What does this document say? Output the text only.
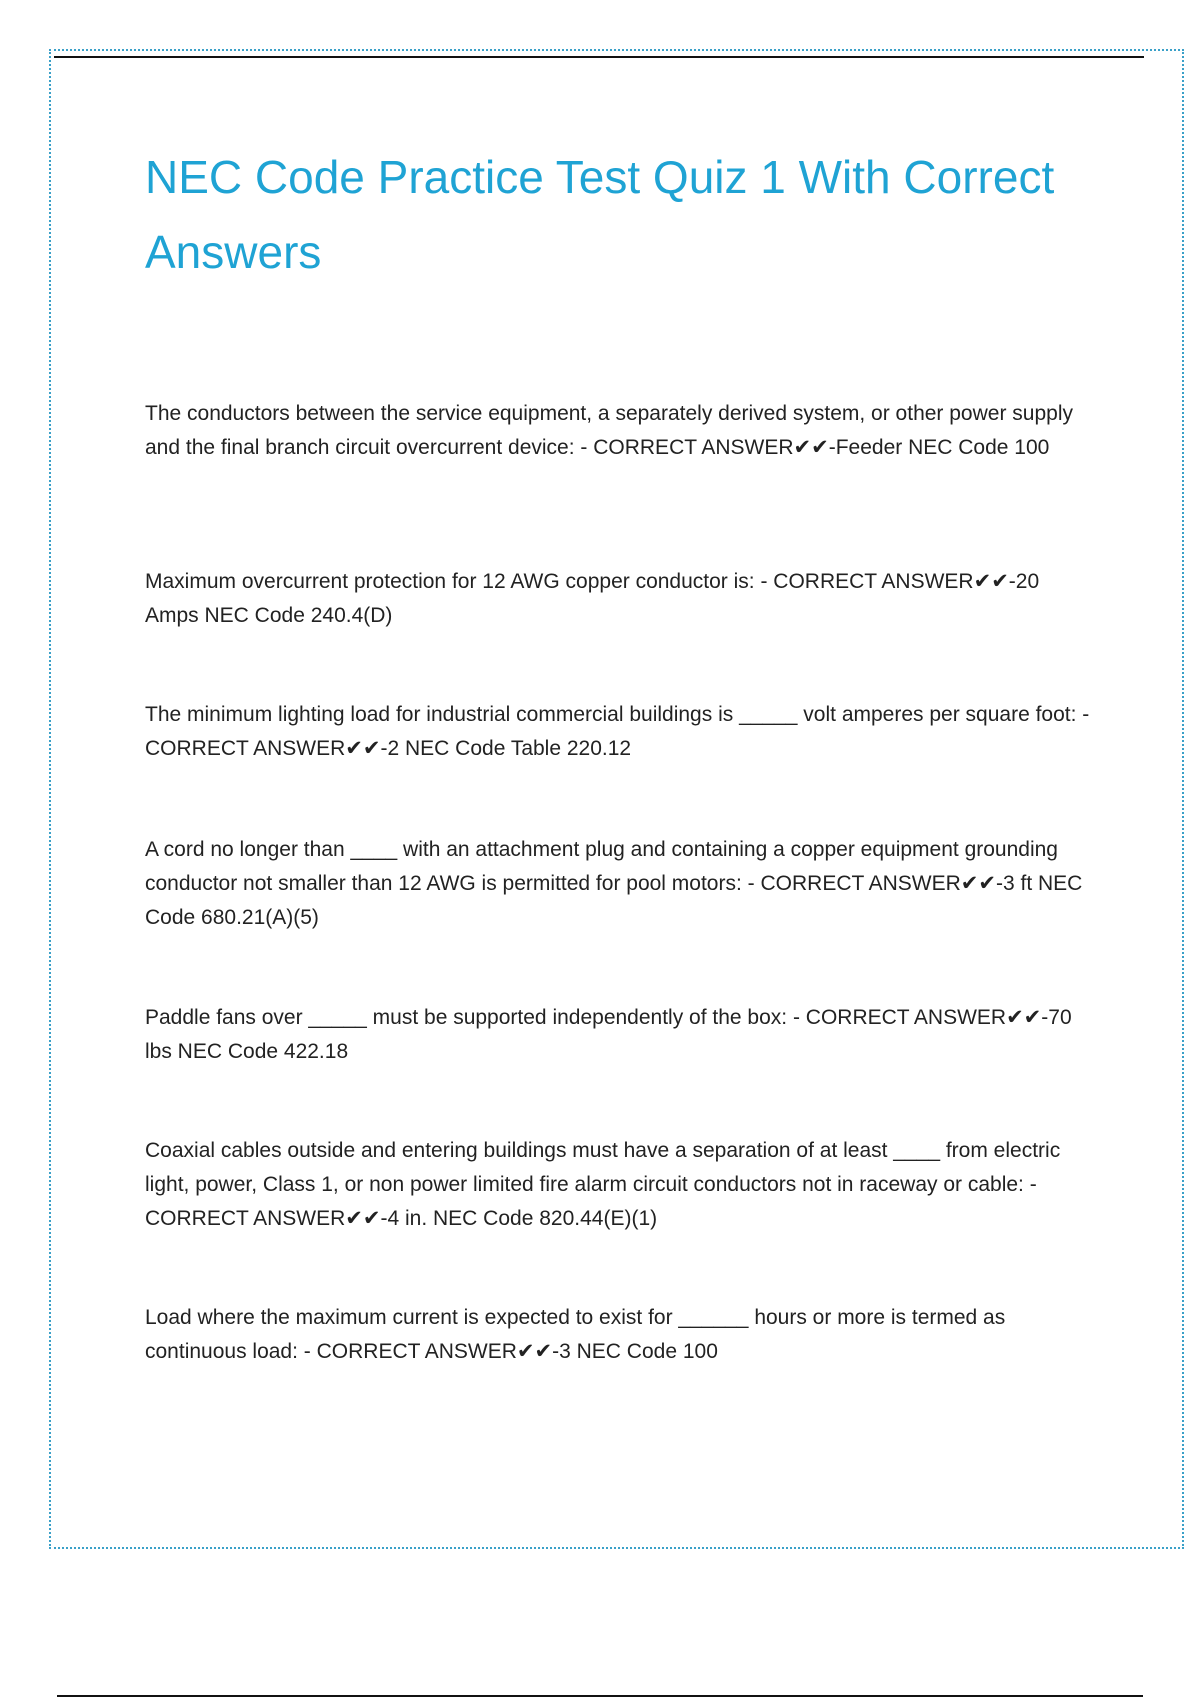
NEC Code Practice Test Quiz 1 With Correct Answers

The conductors between the service equipment, a separately derived system, or other power supply and the final branch circuit overcurrent device: - CORRECT ANSWER✔✔-Feeder NEC Code 100

Maximum overcurrent protection for 12 AWG copper conductor is: - CORRECT ANSWER✔✔-20 Amps NEC Code 240.4(D)

The minimum lighting load for industrial commercial buildings is _____ volt amperes per square foot: - CORRECT ANSWER✔✔-2 NEC Code Table 220.12

A cord no longer than ____ with an attachment plug and containing a copper equipment grounding conductor not smaller than 12 AWG is permitted for pool motors: - CORRECT ANSWER✔✔-3 ft NEC Code 680.21(A)(5)

Paddle fans over _____ must be supported independently of the box: - CORRECT ANSWER✔✔-70 lbs NEC Code 422.18

Coaxial cables outside and entering buildings must have a separation of at least ____ from electric light, power, Class 1, or non power limited fire alarm circuit conductors not in raceway or cable: - CORRECT ANSWER✔✔-4 in. NEC Code 820.44(E)(1)

Load where the maximum current is expected to exist for ______ hours or more is termed as continuous load: - CORRECT ANSWER✔✔-3 NEC Code 100
